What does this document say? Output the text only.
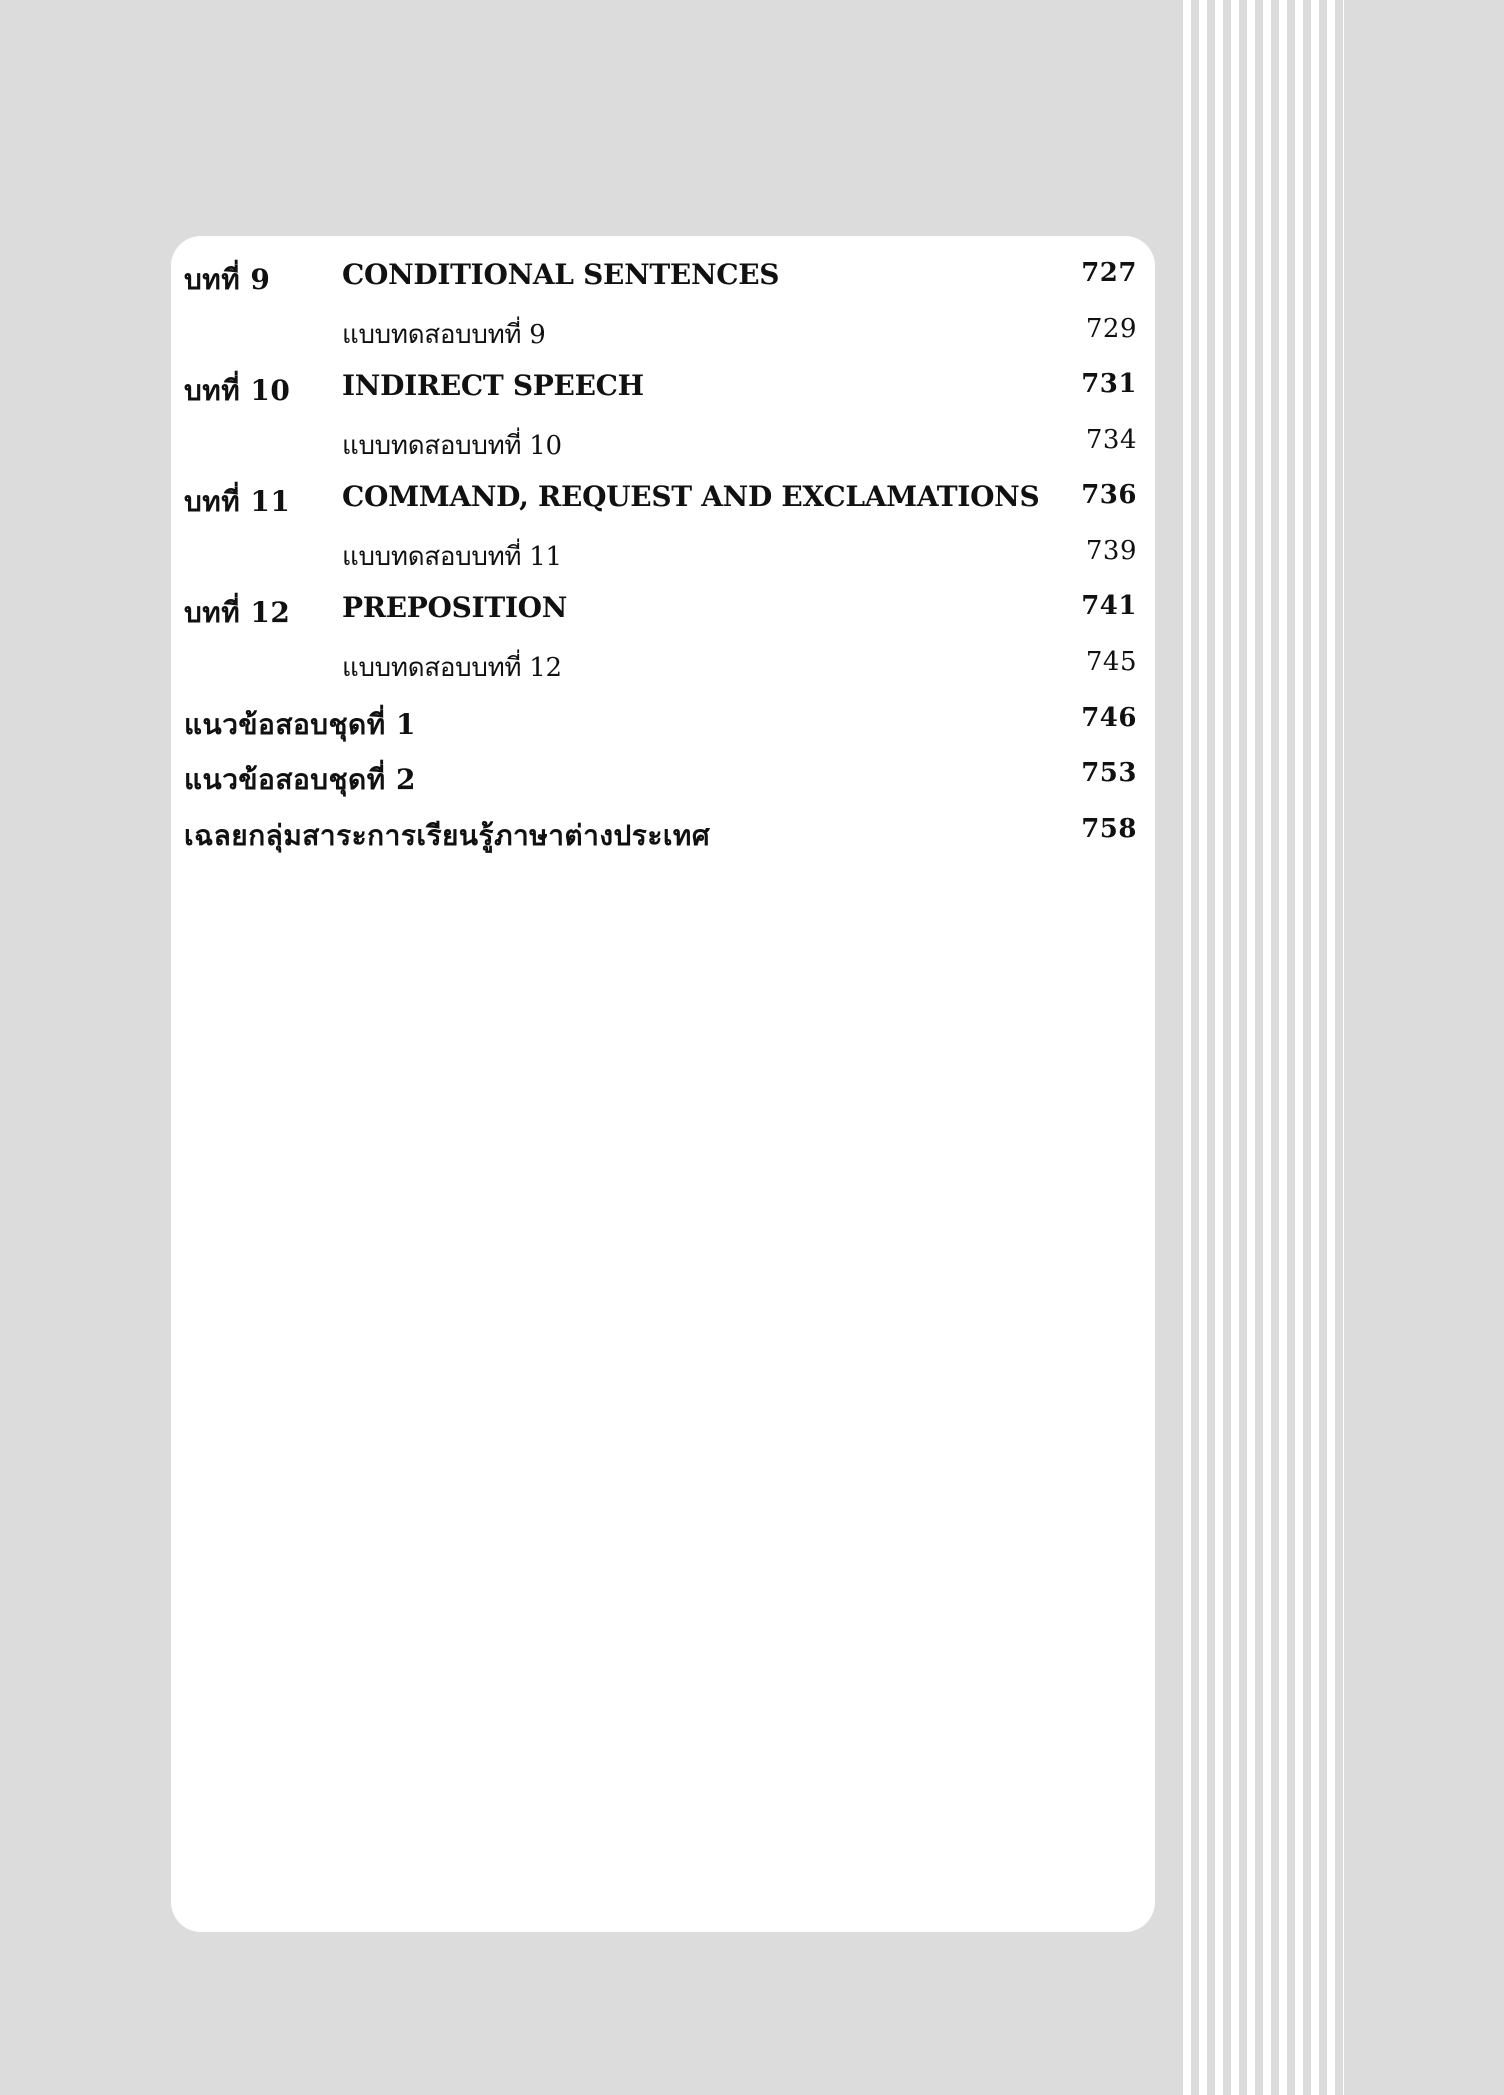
บทที่ 9	CONDITIONAL SENTENCES	727
แบบทดสอบบทที่ 9	729
บทที่ 10 INDIRECT SPEECH	731
แบบทดสอบบทที่ 10	734
บทที่ 11 COMMAND, REQUEST AND EXCLAMATIONS 736
แบบทดสอบบทที่ 11	739
บทที่ 12 PREPOSITION	741
แบบทดสอบบทที่ 12	745
แนวข้อสอบชุดที่ 1	746
แนวข้อสอบชุดที่ 2	753
เฉลยกลุ่มสาระการเรียนรู้ภาษาต่างประเทศ	758
